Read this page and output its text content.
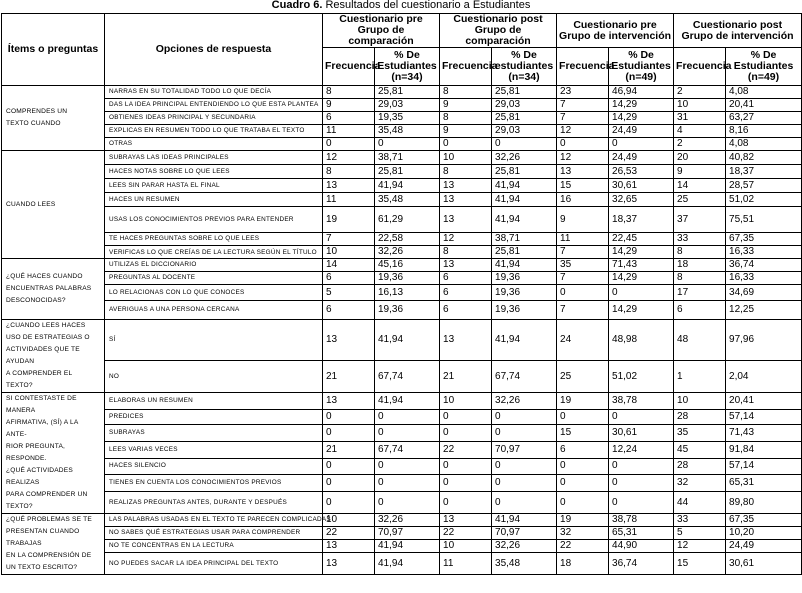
Cuadro 6. Resultados del cuestionario a Estudiantes
Ítems o preguntas	Opciones de respuesta	Cuestionario pre Grupo de comparación		Cuestionario post Grupo de comparación		Cuestionario pre Grupo de intervención		Cuestionario post Grupo de intervención	
		Frecuencia	% De Estudiantes (n=34)	Frecuencia	% De estudiantes (n=34)	Frecuencia	% De Estudiantes (n=49)	Frecuencia	% De Estudiantes (n=49)

COMPRENDES UN
TEXTO CUANDO	NARRAS EN SU TOTALIDAD TODO LO QUE DECÍA	8	25,81	8	25,81	23	46,94	2	4,08
	DAS LA IDEA PRINCIPAL ENTENDIENDO LO QUE ESTA PLANTEA	9	29,03	9	29,03	7	14,29	10	20,41
	OBTIENES IDEAS PRINCIPAL Y SECUNDARIA	6	19,35	8	25,81	7	14,29	31	63,27
	EXPLICAS EN RESUMEN TODO LO QUE TRATABA EL TEXTO	11	35,48	9	29,03	12	24,49	4	8,16
	OTRAS	0	0	0	0	0	0	2	4,08

CUANDO LEES	SUBRAYAS LAS IDEAS PRINCIPALES	12	38,71	10	32,26	12	24,49	20	40,82
	HACES NOTAS SOBRE LO QUE LEES	8	25,81	8	25,81	13	26,53	9	18,37
	LEES SIN PARAR HASTA EL FINAL	13	41,94	13	41,94	15	30,61	14	28,57
	HACES UN RESUMEN	11	35,48	13	41,94	16	32,65	25	51,02
	USAS LOS CONOCIMIENTOS PREVIOS PARA ENTENDER	19	61,29	13	41,94	9	18,37	37	75,51
	TE HACES PREGUNTAS SOBRE LO QUE LEES	7	22,58	12	38,71	11	22,45	33	67,35
	VERIFICAS LO QUE CREÍAS DE LA LECTURA SEGÚN EL TÍTULO	10	32,26	8	25,81	7	14,29	8	16,33

¿QUÉ HACES CUANDO
ENCUENTRAS PALABRAS
DESCONOCIDAS?	UTILIZAS EL DICCIONARIO	14	45,16	13	41,94	35	71,43	18	36,74
	PREGUNTAS AL DOCENTE	6	19,36	6	19,36	7	14,29	8	16,33
	LO RELACIONAS CON LO QUE CONOCES	5	16,13	6	19,36	0	0	17	34,69
	AVERIGUAS A UNA PERSONA CERCANA	6	19,36	6	19,36	7	14,29	6	12,25

¿CUANDO LEES HACES
USO DE ESTRATEGIAS O
ACTIVIDADES QUE TE AYUDAN
A COMPRENDER EL TEXTO?	SÍ	13	41,94	13	41,94	24	48,98	48	97,96
	NO	21	67,74	21	67,74	25	51,02	1	2,04

SI CONTESTASTE DE MANERA
AFIRMATIVA, (SÍ) A LA ANTE-
RIOR PREGUNTA, RESPONDE.
¿QUÉ ACTIVIDADES REALIZAS
PARA COMPRENDER UN TEXTO?	ELABORAS UN RESUMEN	13	41,94	10	32,26	19	38,78	10	20,41
	PREDICES	0	0	0	0	0	0	28	57,14
	SUBRAYAS	0	0	0	0	15	30,61	35	71,43
	LEES VARIAS VECES	21	67,74	22	70,97	6	12,24	45	91,84
	HACES SILENCIO	0	0	0	0	0	0	28	57,14
	TIENES EN CUENTA LOS CONOCIMIENTOS PREVIOS	0	0	0	0	0	0	32	65,31
	REALIZAS PREGUNTAS ANTES, DURANTE Y DESPUÉS	0	0	0	0	0	0	44	89,80

¿QUÉ PROBLEMAS SE TE
PRESENTAN CUANDO TRABAJAS
EN LA COMPRENSIÓN DE
UN TEXTO ESCRITO?	LAS PALABRAS USADAS EN EL TEXTO TE PARECEN COMPLICADAS	10	32,26	13	41,94	19	38,78	33	67,35
	NO SABES QUÉ ESTRATEGIAS USAR PARA COMPRENDER	22	70,97	22	70,97	32	65,31	5	10,20
	NO TE CONCENTRAS EN LA LECTURA	13	41,94	10	32,26	22	44,90	12	24,49
	NO PUEDES SACAR LA IDEA PRINCIPAL DEL TEXTO	13	41,94	11	35,48	18	36,74	15	30,61
